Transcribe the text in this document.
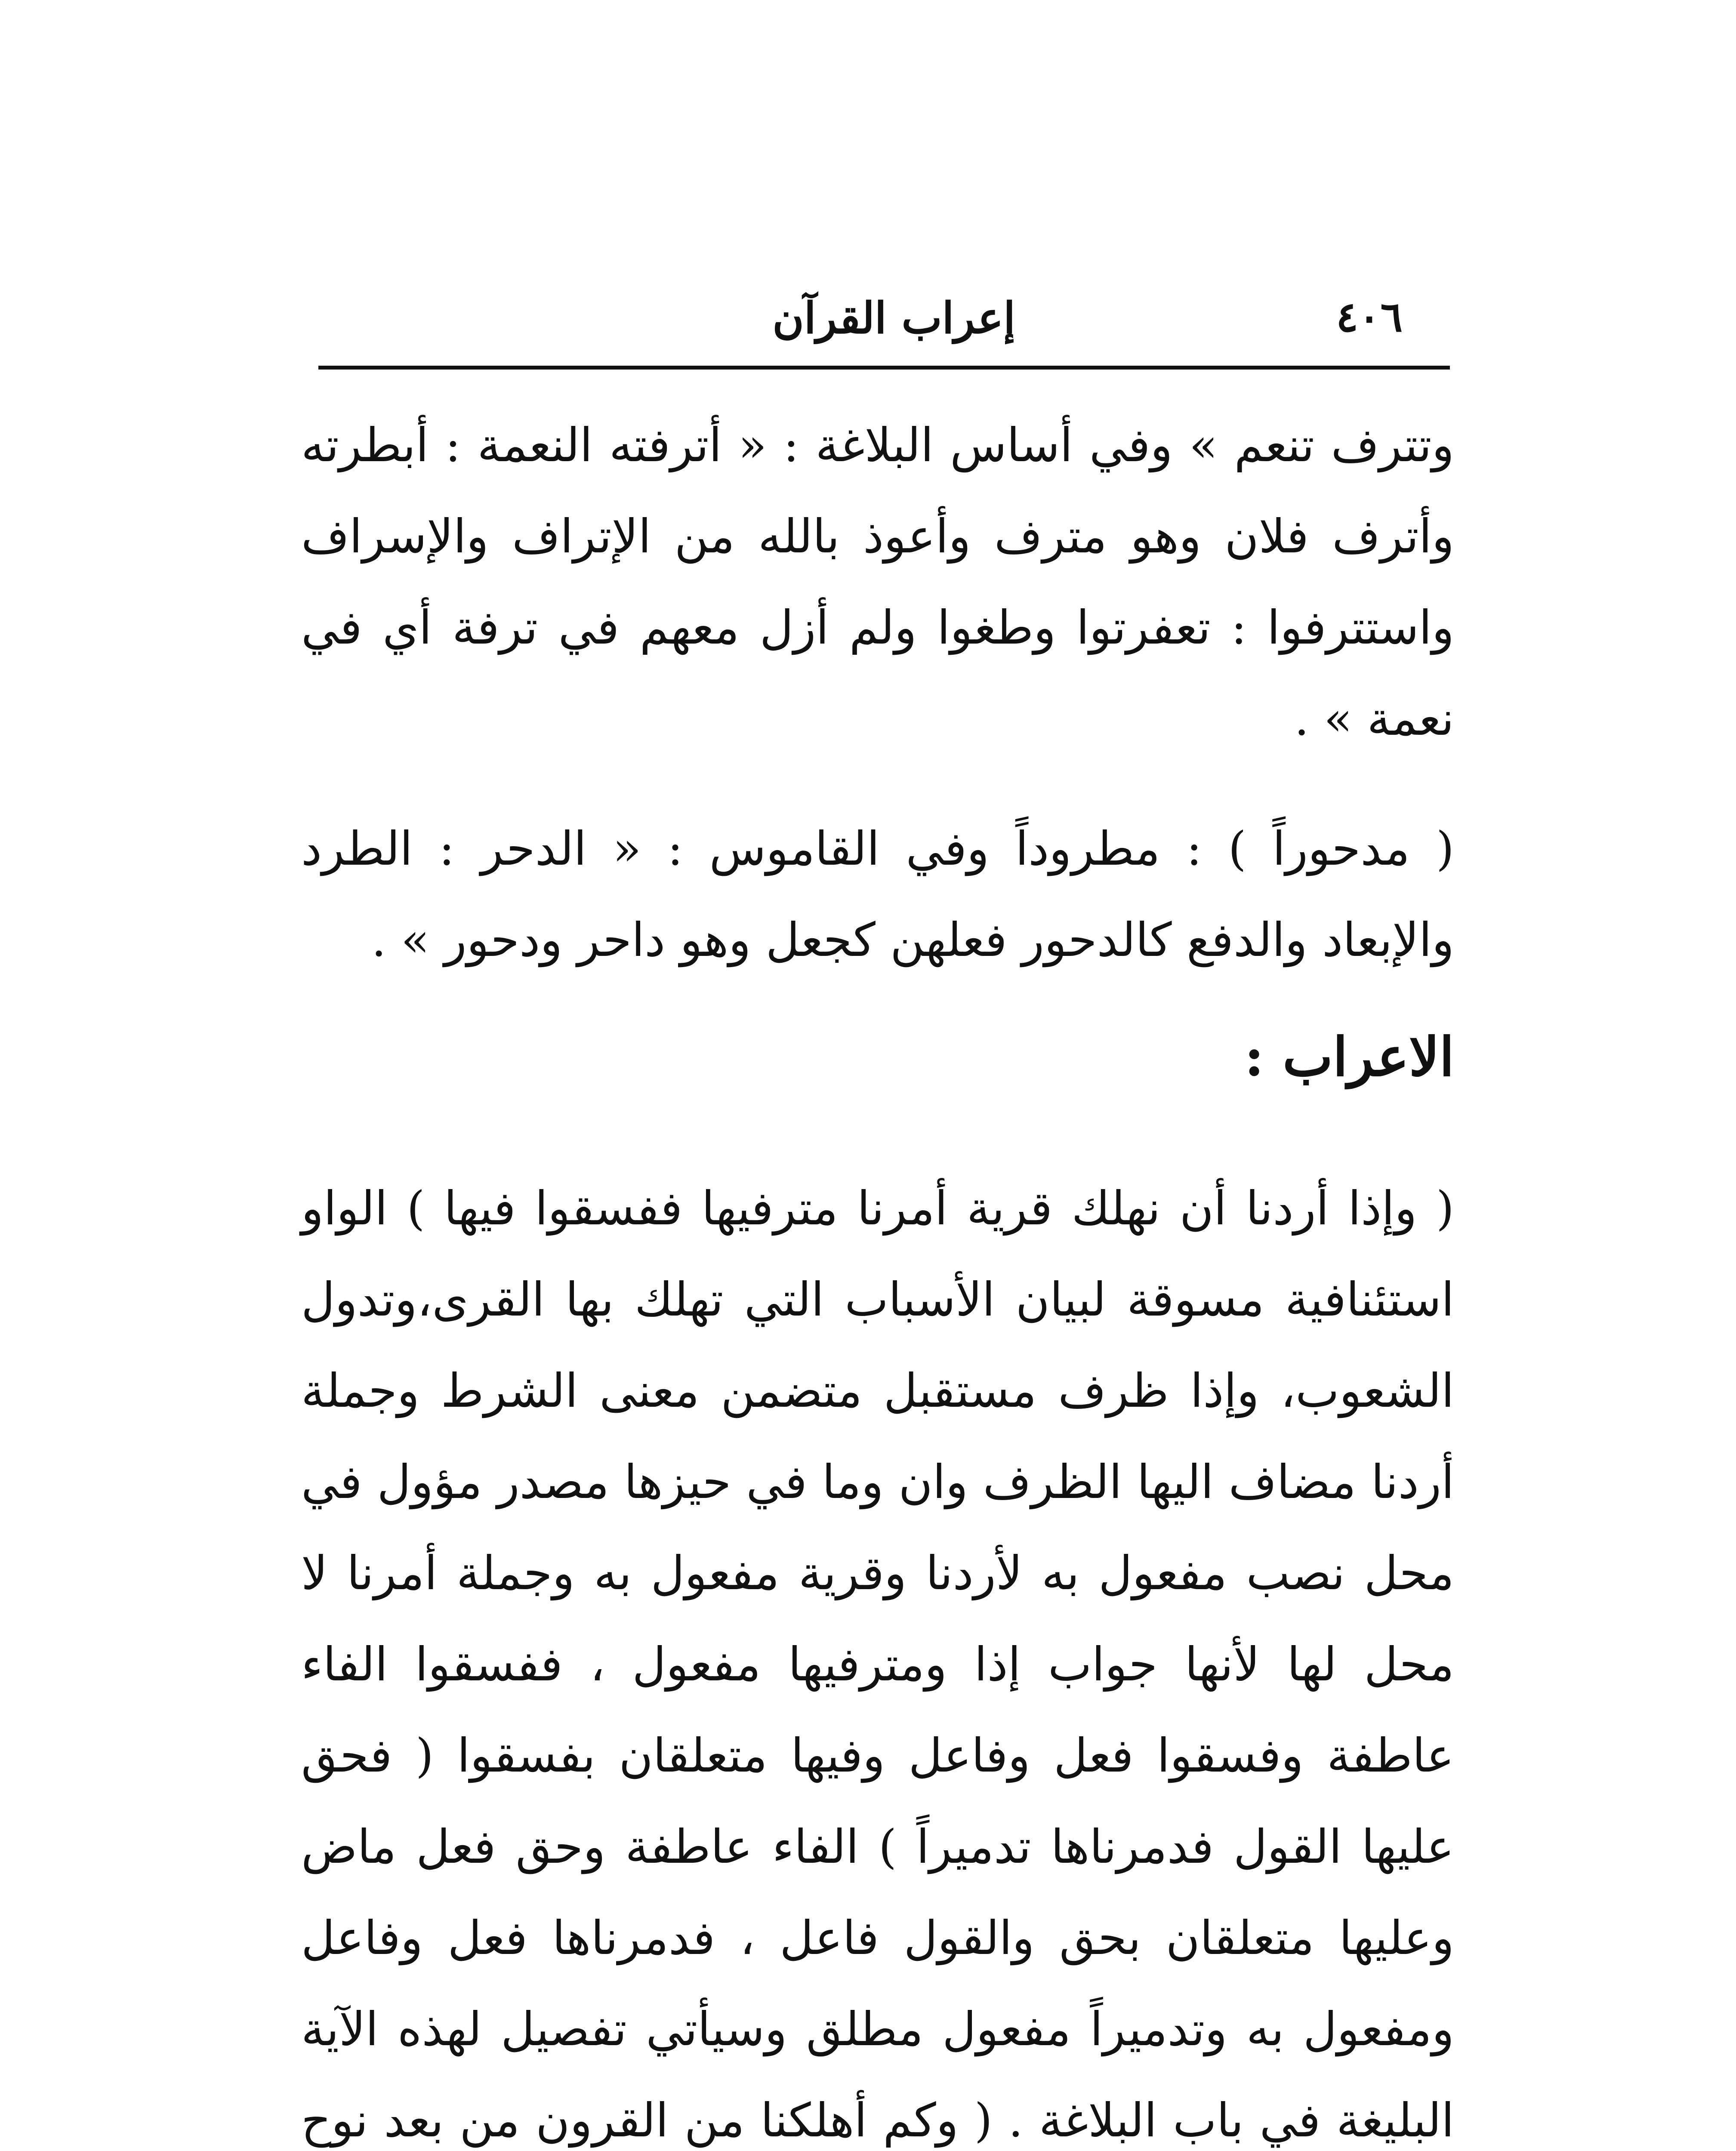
٤٠٦
إعراب القرآن

وتترف تنعم » وفي أساس البلاغة : « أترفته النعمة : أبطرته وأترف فلان وهو مترف وأعوذ بالله من الإتراف والإسراف واستترفوا : تعفرتوا وطغوا ولم أزل معهم في ترفة أي في نعمة » .

( مدحوراً ) : مطروداً وفي القاموس : « الدحر : الطرد والإبعاد والدفع كالدحور فعلهن كجعل وهو داحر ودحور » .

الاعراب :

( وإذا أردنا أن نهلك قرية أمرنا مترفيها ففسقوا فيها ) الواو استئنافية مسوقة لبيان الأسباب التي تهلك بها القرى،وتدول الشعوب، وإذا ظرف مستقبل متضمن معنى الشرط وجملة أردنا مضاف اليها الظرف وان وما في حيزها مصدر مؤول في محل نصب مفعول به لأردنا وقرية مفعول به وجملة أمرنا لا محل لها لأنها جواب إذا ومترفيها مفعول ، ففسقوا الفاء عاطفة وفسقوا فعل وفاعل وفيها متعلقان بفسقوا ( فحق عليها القول فدمرناها تدميراً ) الفاء عاطفة وحق فعل ماض وعليها متعلقان بحق والقول فاعل ، فدمرناها فعل وفاعل ومفعول به وتدميراً مفعول مطلق وسيأتي تفصيل لهذه الآية البليغة في باب البلاغة . ( وكم أهلكنا من القرون من بعد نوح
